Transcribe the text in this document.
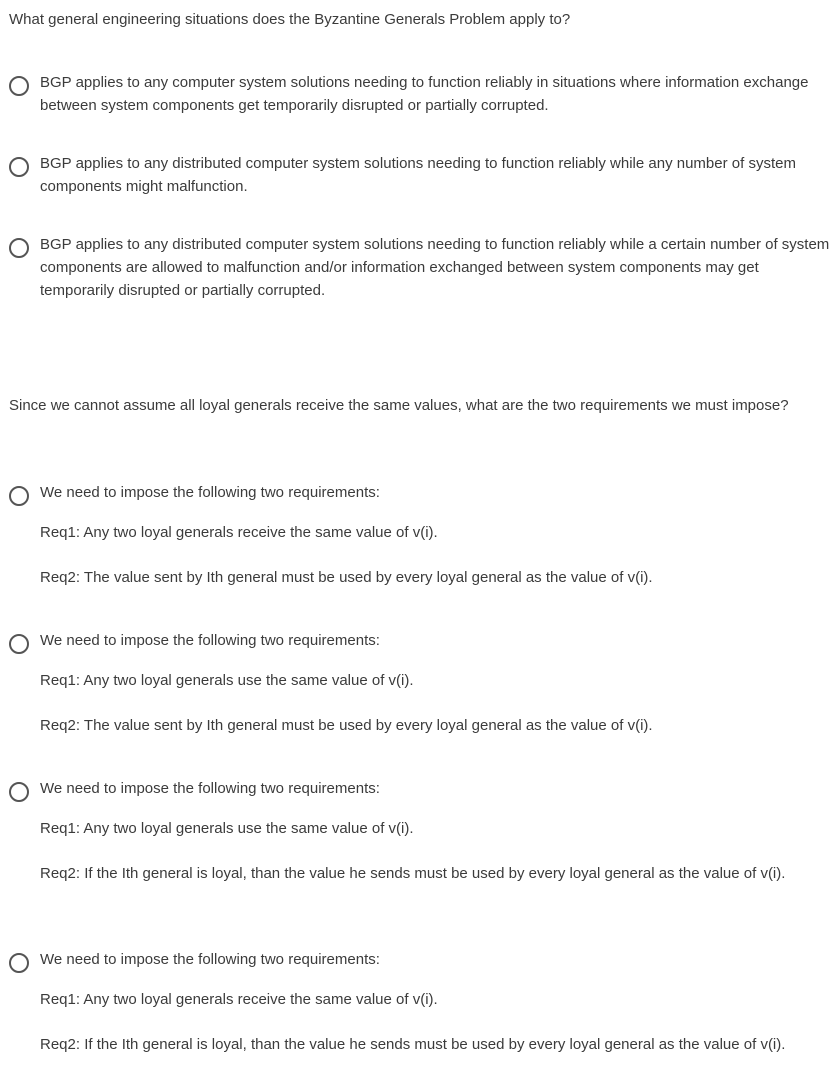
What general engineering situations does the Byzantine Generals Problem apply to?

BGP applies to any computer system solutions needing to function reliably in situations where information exchange between system components get temporarily disrupted or partially corrupted.

BGP applies to any distributed computer system solutions needing to function reliably while any number of system components might malfunction.

BGP applies to any distributed computer system solutions needing to function reliably while a certain number of system components are allowed to malfunction and/or information exchanged between system components may get temporarily disrupted or partially corrupted.

Since we cannot assume all loyal generals receive the same values, what are the two requirements we must impose?

We need to impose the following two requirements:

Req1: Any two loyal generals receive the same value of v(i).

Req2: The value sent by Ith general must be used by every loyal general as the value of v(i).

We need to impose the following two requirements:

Req1: Any two loyal generals use the same value of v(i).

Req2: The value sent by Ith general must be used by every loyal general as the value of v(i).

We need to impose the following two requirements:

Req1: Any two loyal generals use the same value of v(i).

Req2: If the Ith general is loyal, than the value he sends must be used by every loyal general as the value of v(i).

We need to impose the following two requirements:

Req1: Any two loyal generals receive the same value of v(i).

Req2: If the Ith general is loyal, than the value he sends must be used by every loyal general as the value of v(i).
